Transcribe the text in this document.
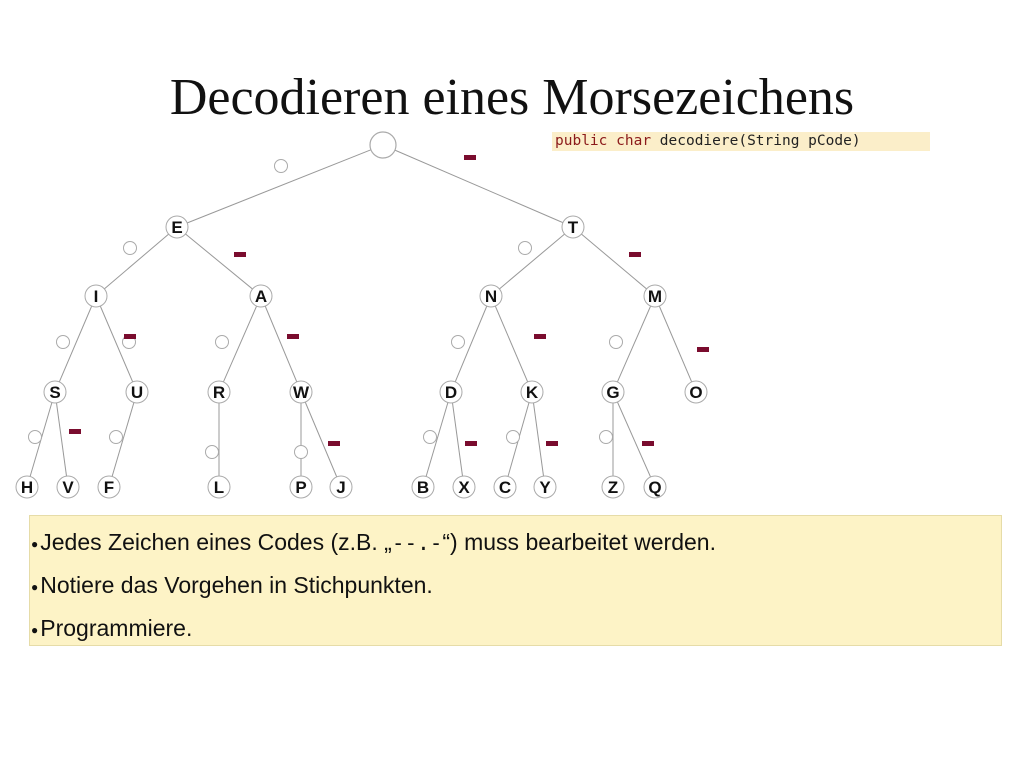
Decodieren eines Morsezeichens
public char decodiere(String pCode)
E	T
I	A	N	M
S	U	R	W	D	K	G	O
H V F	L	P J	B X C Y	Z Q
●Jedes Zeichen eines Codes (z.B. „--.-“) muss bearbeitet werden.
●Notiere das Vorgehen in Stichpunkten.
●Programmiere.
